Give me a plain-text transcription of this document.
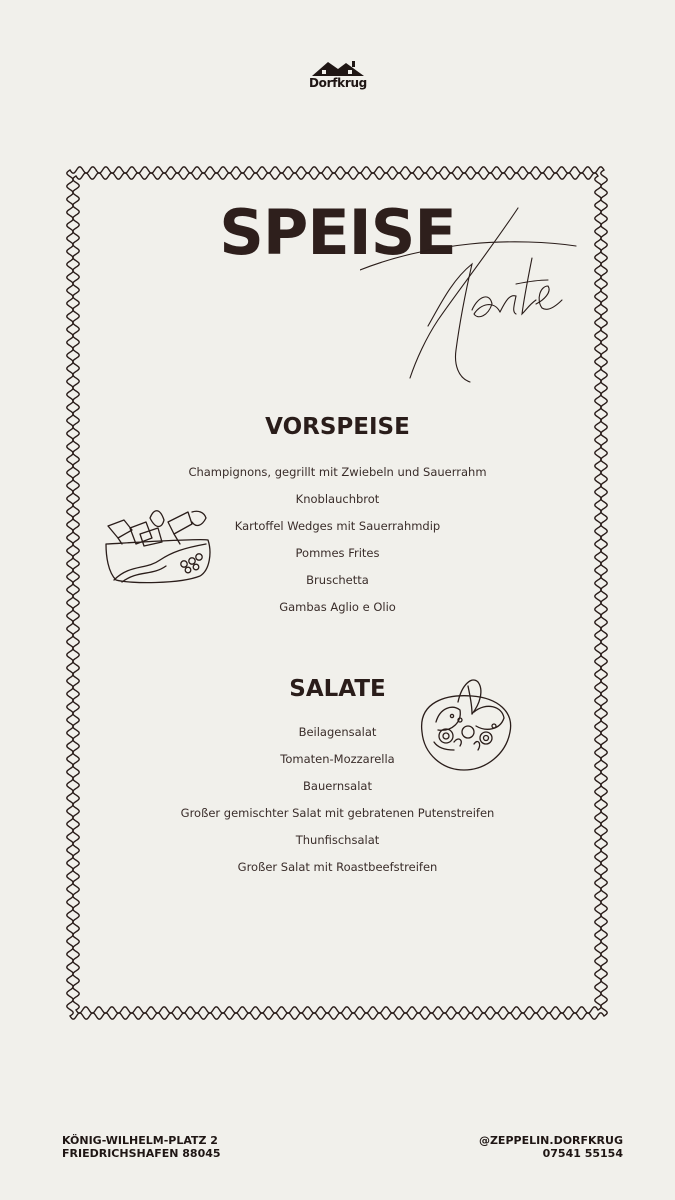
Dorfkrug
SPEISE
VORSPEISE
Champignons, gegrillt mit Zwiebeln und Sauerrahm
Knoblauchbrot
Kartoffel Wedges mit Sauerrahmdip
Pommes Frites
Bruschetta
Gambas Aglio e Olio
SALATE
Beilagensalat
Tomaten-Mozzarella
Bauernsalat
Großer gemischter Salat mit gebratenen Putenstreifen
Thunfischsalat
Großer Salat mit Roastbeefstreifen
KÖNIG-WILHELM-PLATZ 2
FRIEDRICHSHAFEN 88045
@ZEPPELIN.DORFKRUG
07541 55154
